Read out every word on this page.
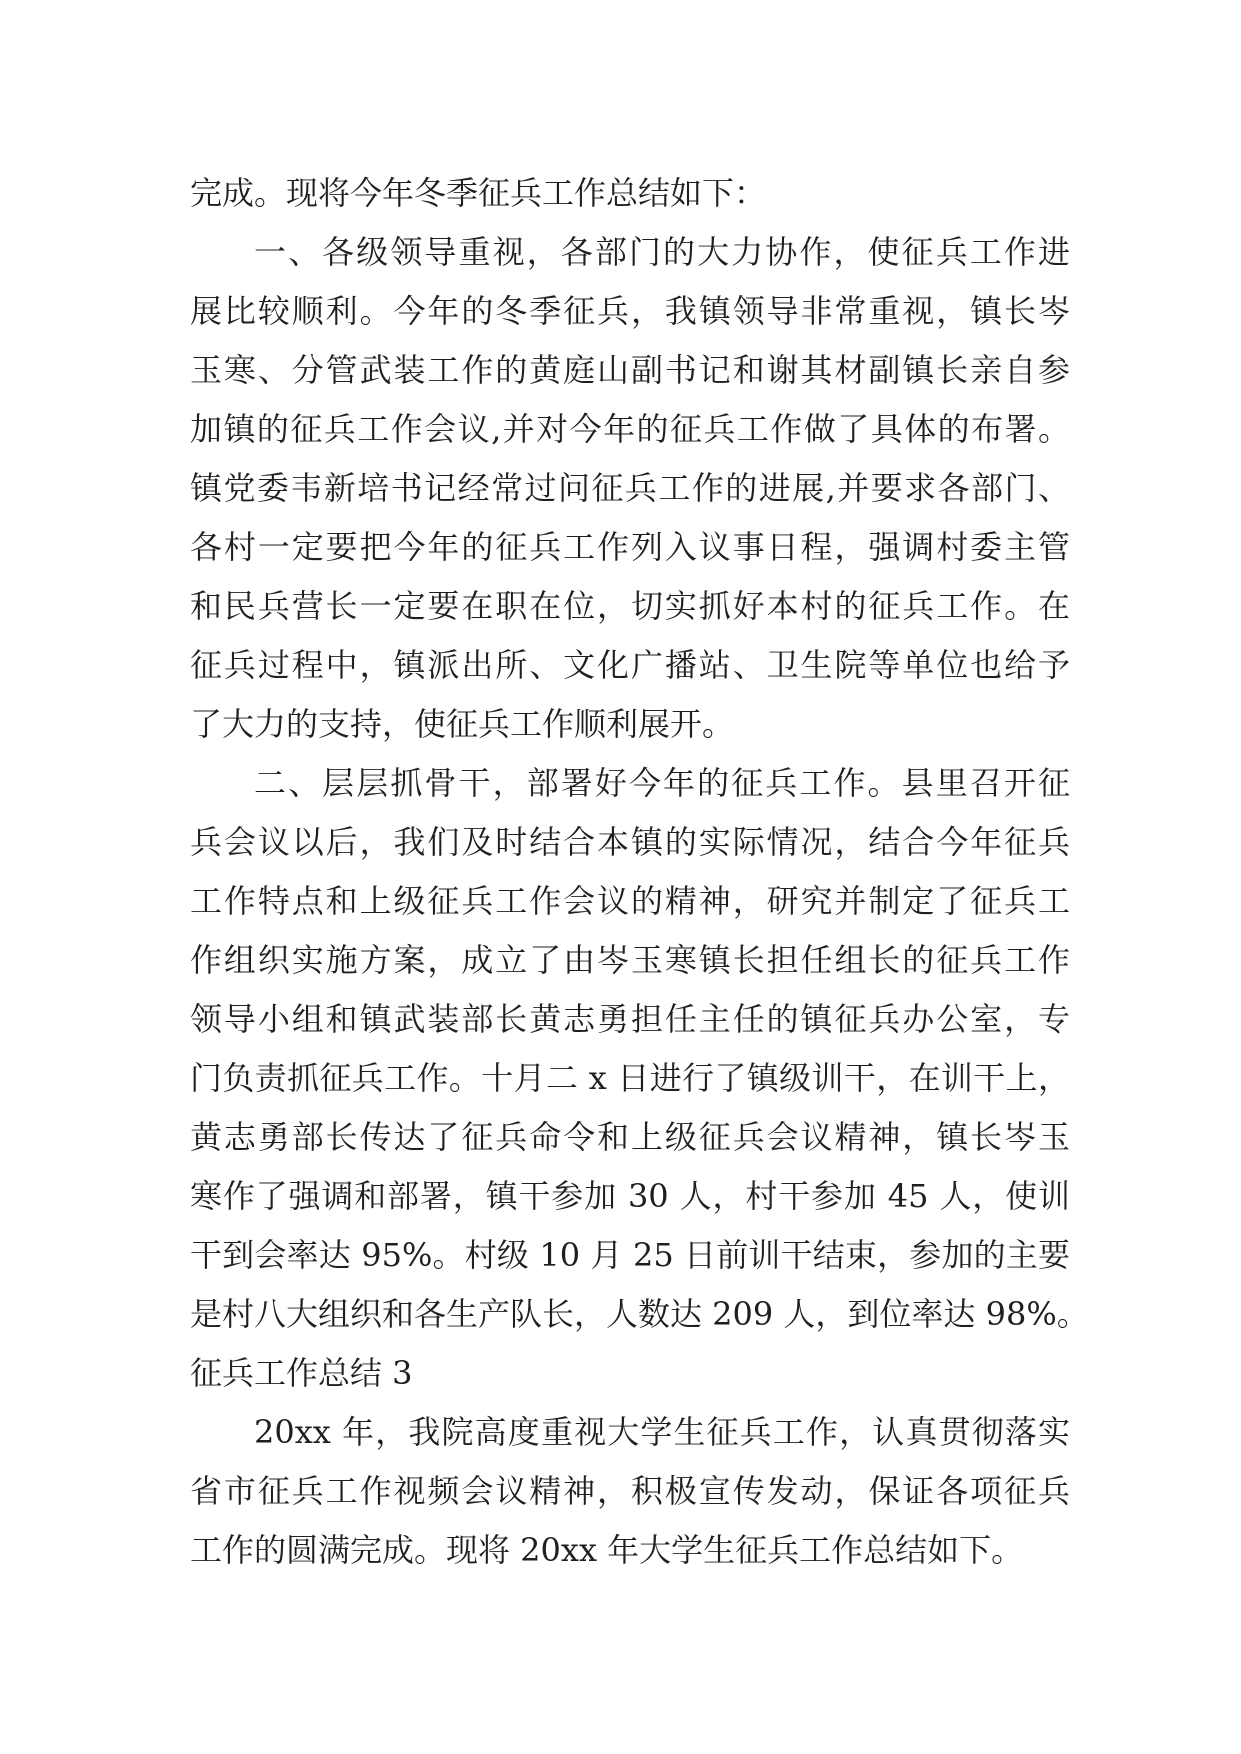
完成。现将今年冬季征兵工作总结如下：
一、各级领导重视，各部门的大力协作，使征兵工作进
展比较顺利。今年的冬季征兵，我镇领导非常重视，镇长岑
玉寒、分管武装工作的黄庭山副书记和谢其材副镇长亲自参
加镇的征兵工作会议,并对今年的征兵工作做了具体的布署。
镇党委韦新培书记经常过问征兵工作的进展,并要求各部门、
各村一定要把今年的征兵工作列入议事日程，强调村委主管
和民兵营长一定要在职在位，切实抓好本村的征兵工作。在
征兵过程中，镇派出所、文化广播站、卫生院等单位也给予
了大力的支持，使征兵工作顺利展开。
二、层层抓骨干，部署好今年的征兵工作。县里召开征
兵会议以后，我们及时结合本镇的实际情况，结合今年征兵
工作特点和上级征兵工作会议的精神，研究并制定了征兵工
作组织实施方案，成立了由岑玉寒镇长担任组长的征兵工作
领导小组和镇武装部长黄志勇担任主任的镇征兵办公室，专
门负责抓征兵工作。十月二 x 日进行了镇级训干，在训干上，
黄志勇部长传达了征兵命令和上级征兵会议精神，镇长岑玉
寒作了强调和部署，镇干参加 30 人，村干参加 45 人，使训
干到会率达 95%。村级 10 月 25 日前训干结束，参加的主要
是村八大组织和各生产队长，人数达 209 人，到位率达 98%。
征兵工作总结 3
20xx 年，我院高度重视大学生征兵工作，认真贯彻落实
省市征兵工作视频会议精神，积极宣传发动，保证各项征兵
工作的圆满完成。现将 20xx 年大学生征兵工作总结如下。
